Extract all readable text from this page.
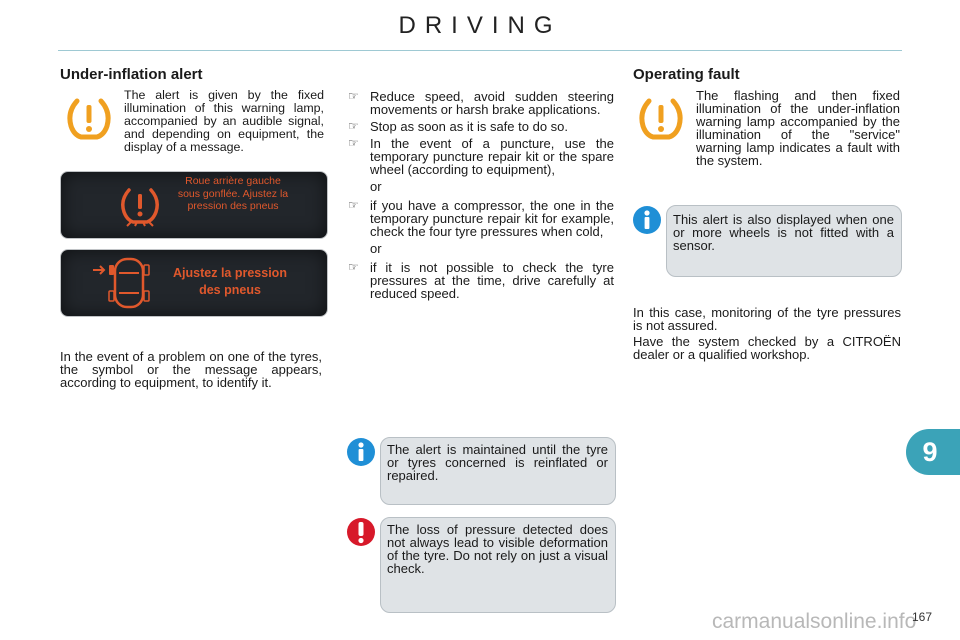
DRIVING
Under-inflation alert
The alert is given by the fixed illumination of this warning lamp, accompanied by an audible signal, and depending on equipment, the display of a message.
Roue arrière gauche sous gonflée. Ajustez la pression des pneus
Ajustez la pression des pneus
In the event of a problem on one of the tyres, the symbol or the message appears, according to equipment, to identify it.
☞ Reduce speed, avoid sudden steering movements or harsh brake applications.
☞ Stop as soon as it is safe to do so.
☞ In the event of a puncture, use the temporary puncture repair kit or the spare wheel (according to equipment),
or
☞ if you have a compressor, the one in the temporary puncture repair kit for example, check the four tyre pressures when cold,
or
☞ if it is not possible to check the tyre pressures at the time, drive carefully at reduced speed.
The alert is maintained until the tyre or tyres concerned is reinflated or repaired.
The loss of pressure detected does not always lead to visible deformation of the tyre. Do not rely on just a visual check.
Operating fault
The flashing and then fixed illumination of the under-inflation warning lamp accompanied by the illumination of the "service" warning lamp indicates a fault with the system.
This alert is also displayed when one or more wheels is not fitted with a sensor.
In this case, monitoring of the tyre pressures is not assured.
Have the system checked by a CITROËN dealer or a qualified workshop.
9
carmanualsonline.info
167
